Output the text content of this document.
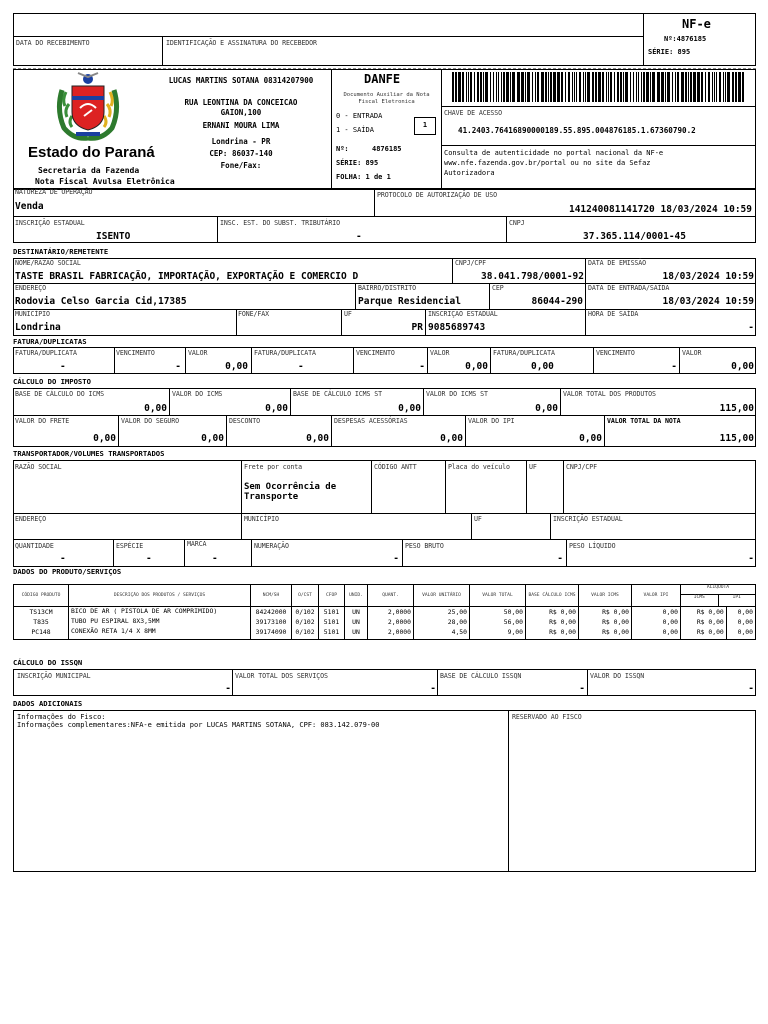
DATA DO RECEBIMENTO	IDENTIFICAÇÃO E ASSINATURA DO RECEBEDOR
NF-e
Nº:4876185
SÉRIE: 895
Estado do Paraná
Secretaria da Fazenda
Nota Fiscal Avulsa Eletrônica
LUCAS MARTINS SOTANA 08314207900
RUA LEONTINA DA CONCEICAO
GAION,100
ERNANI MOURA LIMA
Londrina - PR
CEP: 86037-140
Fone/Fax:
DANFE
Documento Auxiliar da Nota
Fiscal Eletronica
0 - ENTRADA
1 - SAÍDA
1
Nº:	4876185
SÉRIE: 895
FOLHA: 1 de 1
CHAVE DE ACESSO
41.2403.76416890000189.55.895.004876185.1.67360790.2
Consulta de autenticidade no portal nacional da NF-e
www.nfe.fazenda.gov.br/portal ou no site da Sefaz
Autorizadora
NATUREZA DE OPERAÇÃO
Venda
PROTOCOLO DE AUTORIZAÇÃO DE USO
141240081141720 18/03/2024 10:59
INSCRIÇÃO ESTADUAL
ISENTO
INSC. EST. DO SUBST. TRIBUTÁRIO
-
CNPJ
37.365.114/0001-45
DESTINATÁRIO/REMETENTE
NOME/RAZÃO SOCIAL
TASTE BRASIL FABRICAÇÃO, IMPORTAÇÃO, EXPORTAÇÃO E COMERCIO D
CNPJ/CPF
38.041.798/0001-92
DATA DE EMISSÃO
18/03/2024 10:59
ENDEREÇO
Rodovia Celso Garcia Cid,17385
BAIRRO/DISTRITO
Parque Residencial
CEP
86044-290
DATA DE ENTRADA/SAÍDA
18/03/2024 10:59
MUNICÍPIO
Londrina
FONE/FAX	UF
PR
INSCRIÇÃO ESTADUAL
9085689743
HORA DE SAÍDA
-
FATURA/DUPLICATAS
FATURA/DUPLICATA
-
VENCIMENTO
-
VALOR
0,00
FATURA/DUPLICATA
-
VENCIMENTO
-
VALOR
0,00
FATURA/DUPLICATA
0,00
VENCIMENTO
-
VALOR
0,00
CÁLCULO DO IMPOSTO
BASE DE CÁLCULO DO ICMS
0,00
VALOR DO ICMS
0,00
BASE DE CÁLCULO ICMS ST
0,00
VALOR DO ICMS ST
0,00
VALOR TOTAL DOS PRODUTOS
115,00
VALOR DO FRETE
0,00
VALOR DO SEGURO
0,00
DESCONTO
0,00
DESPESAS ACESSÓRIAS
0,00
VALOR DO IPI
0,00
VALOR TOTAL DA NOTA
115,00
TRANSPORTADOR/VOLUMES TRANSPORTADOS
RAZÃO SOCIAL	Frete por conta
Sem Ocorrência de
Transporte
CÓDIGO ANTT	Placa do veículo	UF	CNPJ/CPF
ENDEREÇO	MUNICÍPIO	UF	INSCRIÇÃO ESTADUAL
QUANTIDADE
-
ESPÉCIE
-
MARCA
-
NUMERAÇÃO
-
PESO BRUTO
-
PESO LÍQUIDO
-
DADOS DO PRODUTO/SERVIÇOS
CÓDIGO PRODUTO	DESCRIÇÃO DOS PRODUTOS / SERVIÇOS	NCM/SH	O/CST	CFOP	UNID.	QUANT.	VALOR UNITÁRIO	VALOR TOTAL	BASE CÁLCULO ICMS	VALOR ICMS	VALOR IPI	ALÍQUOTA
ICMS IPI	

TS13CM	BICO DE AR ( PISTOLA DE AR COMPRIMIDO)	84242000	0/102	5101	UN	2,0000	25,00	50,00	R$ 0,00	R$ 0,00	0,00	R$ 0,00	0,00
T835	TUBO PU ESPIRAL 8X3,5MM	39173100	0/102	5101	UN	2,0000	28,00	56,00	R$ 0,00	R$ 0,00	0,00	R$ 0,00	0,00
PC148	CONEXÃO RETA 1/4 X 8MM	39174090	0/102	5101	UN	2,0000	4,50	9,00	R$ 0,00	R$ 0,00	0,00	R$ 0,00	0,00

CÁLCULO DO ISSQN
INSCRIÇÃO MUNICIPAL
-
VALOR TOTAL DOS SERVIÇOS
-
BASE DE CÁLCULO ISSQN
-
VALOR DO ISSQN
-
DADOS ADICIONAIS
Informações do Fisco:
Informações complementares:NFA-e emitida por LUCAS MARTINS SOTANA, CPF: 083.142.079-00
RESERVADO AO FISCO
